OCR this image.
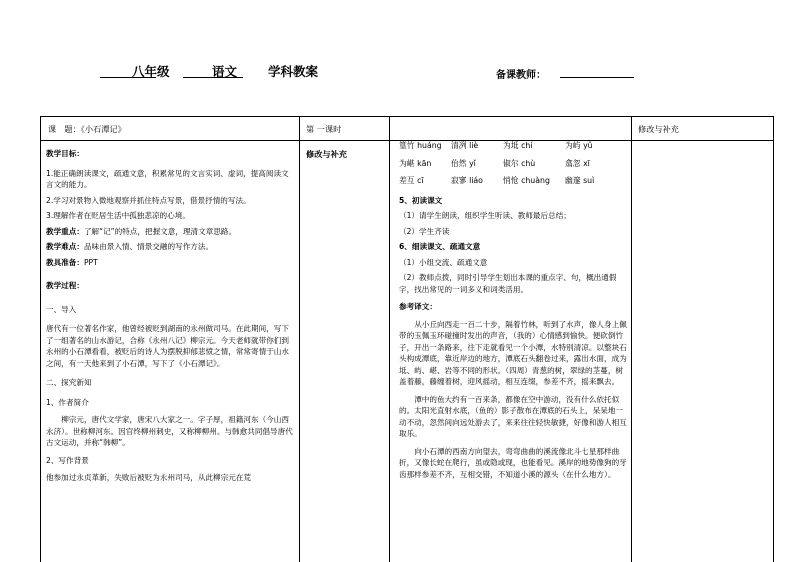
八年级	语文 学科教案	备课教师：
课　题：《小石潭记》	第 一课时	修改与补充

教学目标：

1.能正确朗读课文，疏通文意，积累常见的文言实词、虚词，提高阅读文言文的能力。

2.学习对景物入微地观察并抓住特点写景，借景抒情的写法。

3.理解作者在贬居生活中孤独悲凉的心境。

教学重点：了解“记”的特点，把握文意，理清文章思路。

教学难点：品味由景入情、情景交融的写作方法。

教具准备：PPT

教学过程：

一、导入

唐代有一位著名作家，他曾经被贬到湖南的永州做司马。在此期间，写下了一组著名的山水游记，合称《永州八记》柳宗元。今天老师就带你们到永州的小石潭看看，被贬后的诗人为摆脱抑郁悲愤之情，常常寄情于山水之间，有一天他来到了小石潭，写下了《小石潭记》。

二、探究新知

1、作者简介

柳宗元，唐代文学家，唐宋八大家之一。字子厚，祖籍河东（今山西永济）。世称柳河东。因官终柳州刺史，又称柳柳州。与韩愈共同倡导唐代古文运动，并称“韩柳”。

2、写作背景

他参加过永贞革新，失败后被贬为永州司马，从此柳宗元在荒

修改与补充
篁竹 huáng	清冽 liè	为坻 chí	为屿 yǔ
为嵁 kān	佁然 yǐ	俶尔 chù	翕忽 xī
差互 cī	寂寥 liáo	悄怆 chuàng	幽邃 suì

5、初读课文

（1）请学生朗读，组织学生听读、教师最后总结；

（2）学生齐读

6、细读课文、疏通文意

（1）小组交流、疏通文意

（2）教师点拨，同时引导学生划出本课的重点字、句，概出通假字，找出常见的一词多义和词类活用。

参考译文：

从小丘向西走一百二十步，隔着竹林，听到了水声，像人身上佩带的玉佩玉环碰撞时发出的声音，（我的）心情感到愉快。便砍倒竹子，开出一条路来，往下走就看见一个小潭，水特别清凉。以整块石头构成潭底，靠近岸边的地方，潭底石头翻卷过来，露出水面，成为坻、屿、嵁、岩等不同的形状。（四周）青葱的树，翠绿的茎蔓，树盖着藤，藤缠着树，迎风摇动，相互连缀，参差不齐，摇来飘去。

潭中的鱼大约有一百来条，都像在空中游动，没有什么依托似的。太阳光直射水底，（鱼的）影子散布在潭底的石头上，呆呆地一动不动，忽然间向远处游去了，来来往往轻快敏捷，好像和游人相互取乐。

向小石潭的西南方向望去，弯弯曲曲的溪流像北斗七星那样曲折，又像长蛇在爬行，虽或隐或现，也能看见。溪岸的地势像狗的牙齿那样参差不齐，互相交错，不知道小溪的源头（在什么地方）。
